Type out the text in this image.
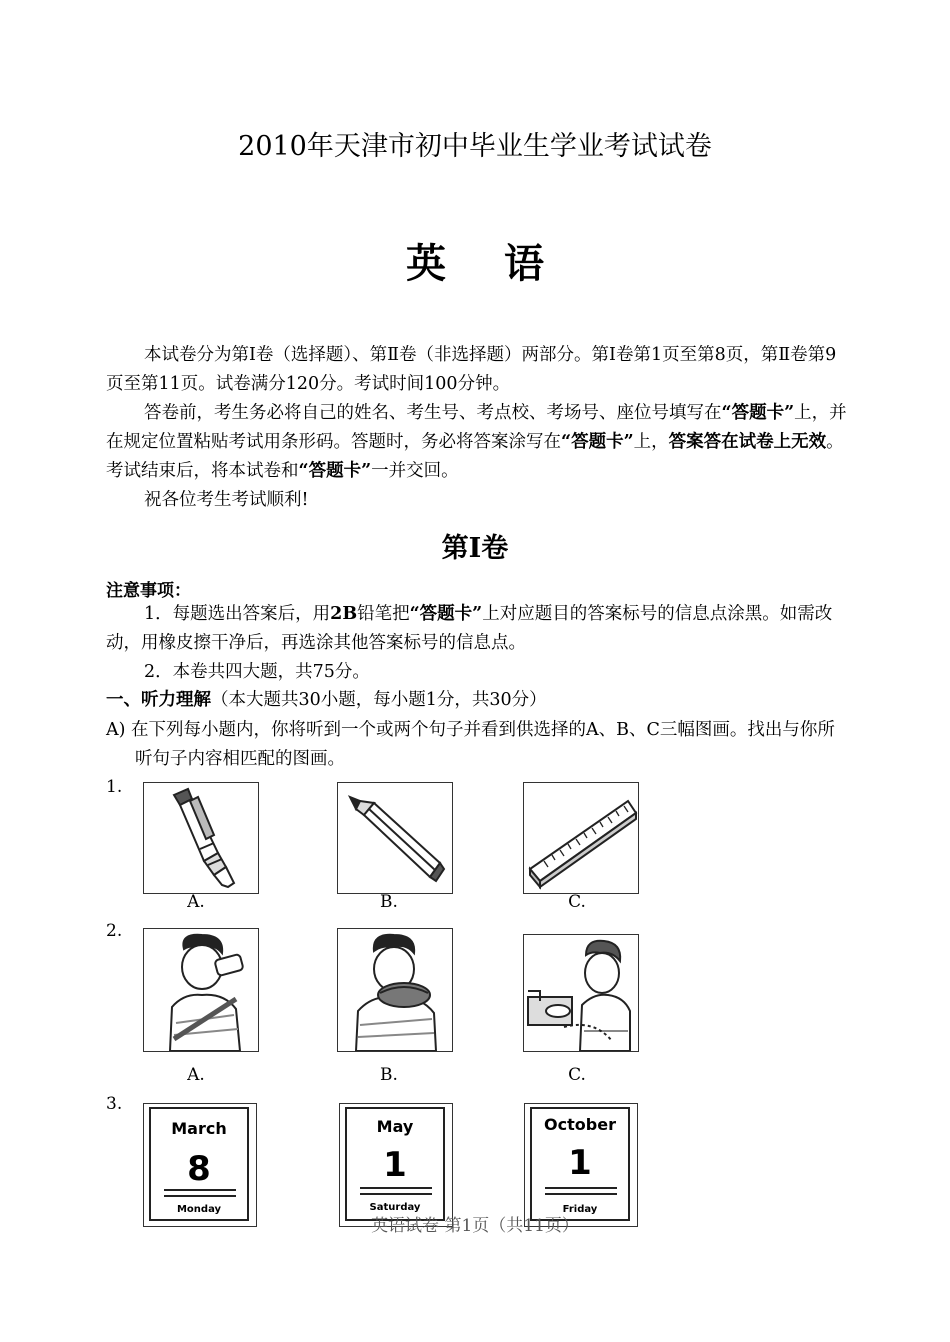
2010年天津市初中毕业生学业考试试卷
英 语
本试卷分为第Ⅰ卷（选择题）、第Ⅱ卷（非选择题）两部分。第Ⅰ卷第1页至第8页，第Ⅱ卷第9页至第11页。试卷满分120分。考试时间100分钟。
答卷前，考生务必将自己的姓名、考生号、考点校、考场号、座位号填写在“答题卡”上，并在规定位置粘贴考试用条形码。答题时，务必将答案涂写在“答题卡”上，答案答在试卷上无效。考试结束后，将本试卷和“答题卡”一并交回。
祝各位考生考试顺利!
第Ⅰ卷
注意事项：
1．每题选出答案后，用2B铅笔把“答题卡”上对应题目的答案标号的信息点涂黑。如需改动，用橡皮擦干净后，再选涂其他答案标号的信息点。
2．本卷共四大题，共75分。
一、听力理解（本大题共30小题，每小题1分，共30分）
A) 在下列每小题内，你将听到一个或两个句子并看到供选择的A、B、C三幅图画。找出与你所听句子内容相匹配的图画。
1.
A.	B.	C.
2.
A.	B.	C.
3.
March
8
Monday
May
1
Saturday
October
1
Friday
英语试卷 第1页（共11页）
